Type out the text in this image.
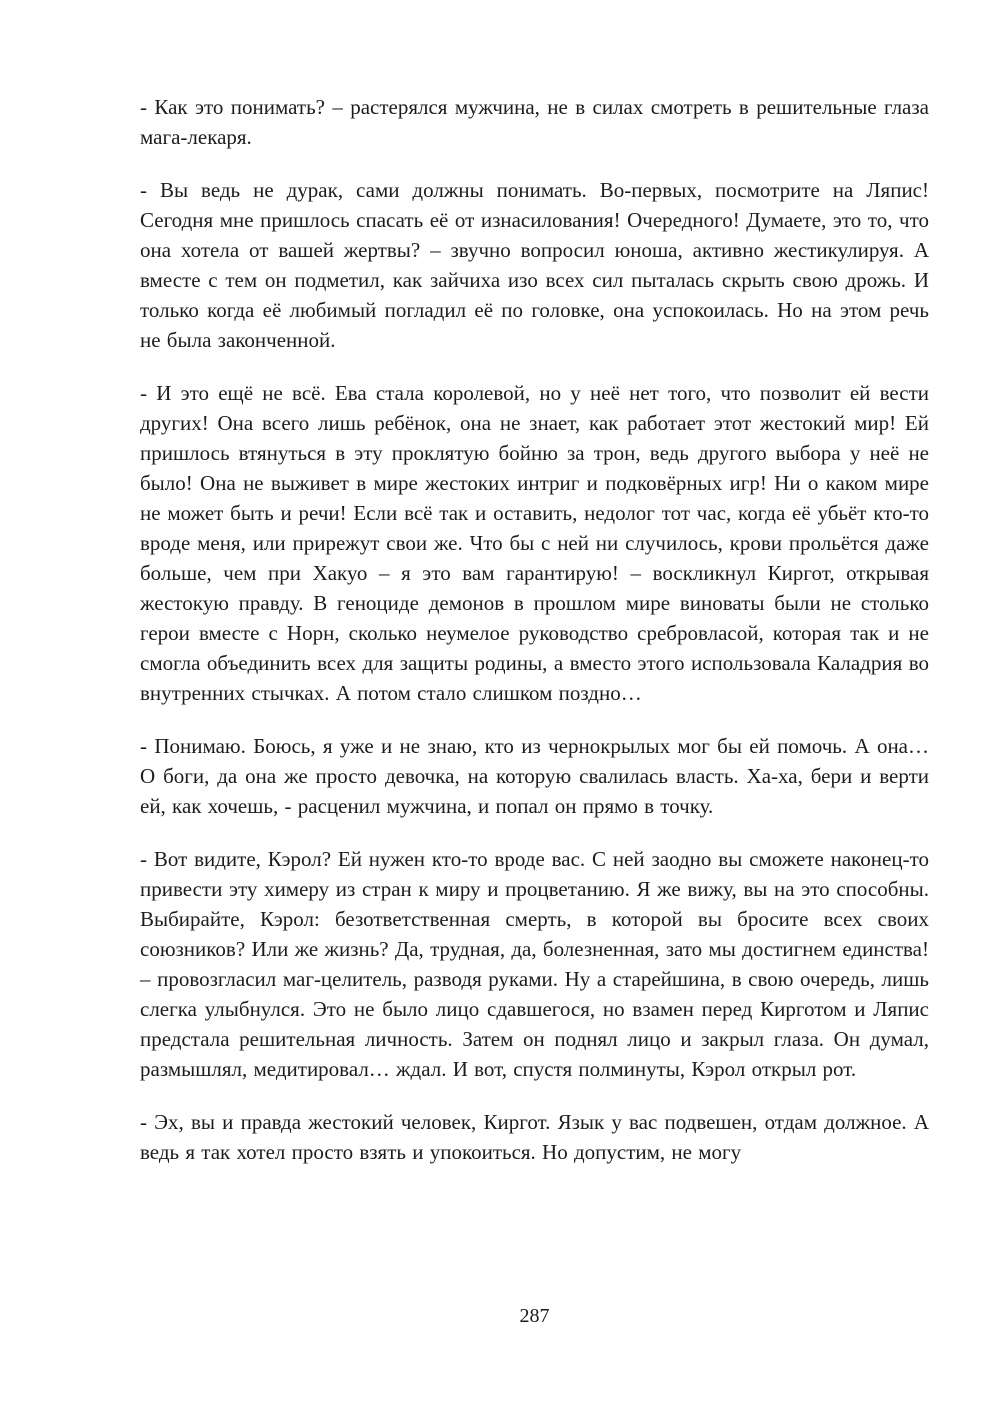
- Как это понимать? – растерялся мужчина, не в силах смотреть в решительные глаза мага-лекаря.

- Вы ведь не дурак, сами должны понимать. Во-первых, посмотрите на Ляпис! Сегодня мне пришлось спасать её от изнасилования! Очередного! Думаете, это то, что она хотела от вашей жертвы? – звучно вопросил юноша, активно жестикулируя. А вместе с тем он подметил, как зайчиха изо всех сил пыталась скрыть свою дрожь. И только когда её любимый погладил её по головке, она успокоилась. Но на этом речь не была законченной.

- И это ещё не всё. Ева стала королевой, но у неё нет того, что позволит ей вести других! Она всего лишь ребёнок, она не знает, как работает этот жестокий мир! Ей пришлось втянуться в эту проклятую бойню за трон, ведь другого выбора у неё не было! Она не выживет в мире жестоких интриг и подковёрных игр! Ни о каком мире не может быть и речи! Если всё так и оставить, недолог тот час, когда её убьёт кто-то вроде меня, или прирежут свои же. Что бы с ней ни случилось, крови прольётся даже больше, чем при Хакуо – я это вам гарантирую! – воскликнул Киргот, открывая жестокую правду. В геноциде демонов в прошлом мире виноваты были не столько герои вместе с Норн, сколько неумелое руководство сребровласой, которая так и не смогла объединить всех для защиты родины, а вместо этого использовала Каладрия во внутренних стычках. А потом стало слишком поздно…

- Понимаю. Боюсь, я уже и не знаю, кто из чернокрылых мог бы ей помочь. А она… О боги, да она же просто девочка, на которую свалилась власть. Ха-ха, бери и верти ей, как хочешь, - расценил мужчина, и попал он прямо в точку.

- Вот видите, Кэрол? Ей нужен кто-то вроде вас. С ней заодно вы сможете наконец-то привести эту химеру из стран к миру и процветанию. Я же вижу, вы на это способны. Выбирайте, Кэрол: безответственная смерть, в которой вы бросите всех своих союзников? Или же жизнь? Да, трудная, да, болезненная, зато мы достигнем единства! – провозгласил маг-целитель, разводя руками. Ну а старейшина, в свою очередь, лишь слегка улыбнулся. Это не было лицо сдавшегося, но взамен перед Кирготом и Ляпис предстала решительная личность. Затем он поднял лицо и закрыл глаза. Он думал, размышлял, медитировал… ждал. И вот, спустя полминуты, Кэрол открыл рот.

- Эх, вы и правда жестокий человек, Киргот. Язык у вас подвешен, отдам должное. А ведь я так хотел просто взять и упокоиться. Но допустим, не могу

287
